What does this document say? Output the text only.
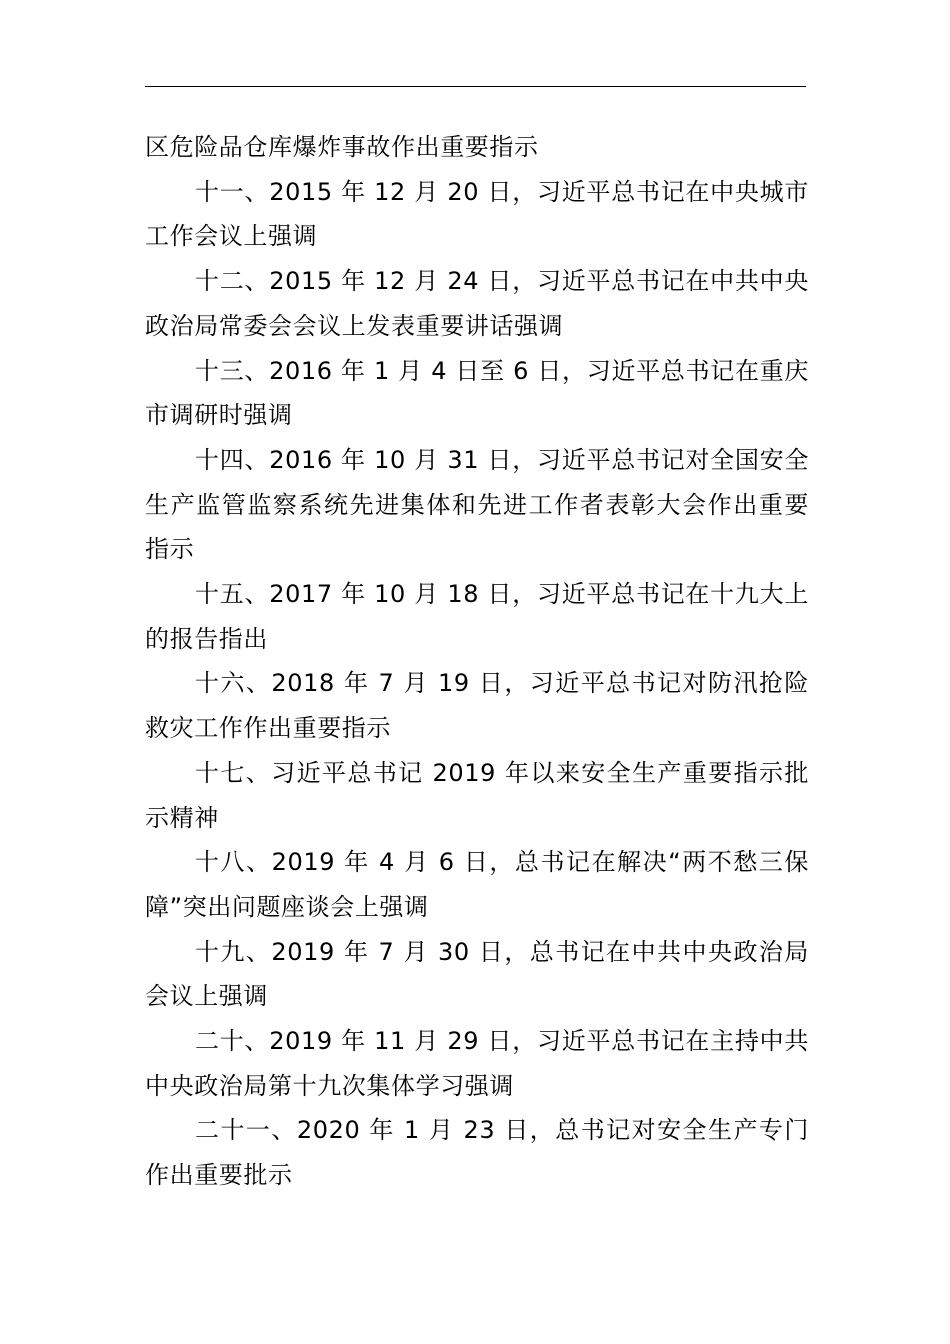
区危险品仓库爆炸事故作出重要指示

十一、2015 年 12 月 20 日，习近平总书记在中央城市工作会议上强调

十二、2015 年 12 月 24 日，习近平总书记在中共中央政治局常委会会议上发表重要讲话强调

十三、2016 年 1 月 4 日至 6 日，习近平总书记在重庆市调研时强调

十四、2016 年 10 月 31 日，习近平总书记对全国安全生产监管监察系统先进集体和先进工作者表彰大会作出重要指示

十五、2017 年 10 月 18 日，习近平总书记在十九大上的报告指出

十六、2018 年 7 月 19 日，习近平总书记对防汛抢险救灾工作作出重要指示

十七、习近平总书记 2019 年以来安全生产重要指示批示精神

十八、2019 年 4 月 6 日，总书记在解决“两不愁三保障”突出问题座谈会上强调

十九、2019 年 7 月 30 日，总书记在中共中央政治局会议上强调

二十、2019 年 11 月 29 日，习近平总书记在主持中共中央政治局第十九次集体学习强调

二十一、2020 年 1 月 23 日，总书记对安全生产专门作出重要批示
